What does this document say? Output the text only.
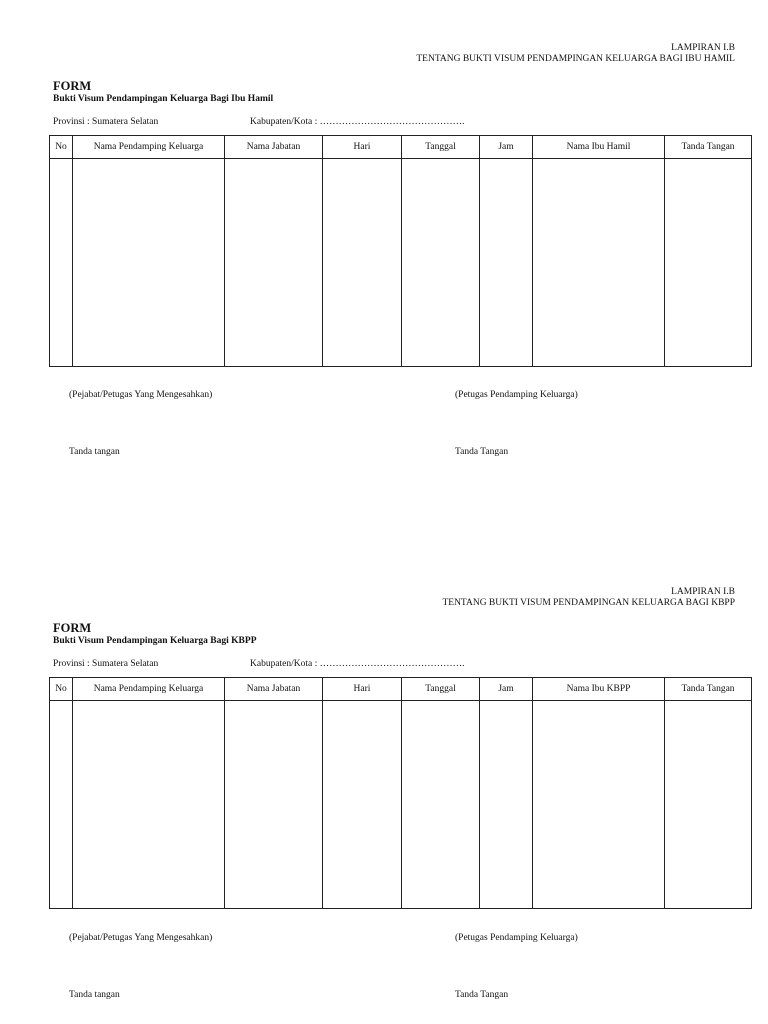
LAMPIRAN I.B
TENTANG BUKTI VISUM PENDAMPINGAN KELUARGA BAGI IBU HAMIL
FORM
Bukti Visum Pendampingan Keluarga Bagi Ibu Hamil
Provinsi : Sumatera Selatan	Kabupaten/Kota : ……………………………………….
No	Nama Pendamping Keluarga	Nama Jabatan	Hari	Tanggal	Jam	Nama Ibu Hamil	Tanda Tangan

(Pejabat/Petugas Yang Mengesahkan)	(Petugas Pendamping Keluarga)
Tanda tangan	Tanda Tangan
LAMPIRAN I.B
TENTANG BUKTI VISUM PENDAMPINGAN KELUARGA BAGI KBPP
FORM
Bukti Visum Pendampingan Keluarga Bagi KBPP
Provinsi : Sumatera Selatan	Kabupaten/Kota : ……………………………………….
No	Nama Pendamping Keluarga	Nama Jabatan	Hari	Tanggal	Jam	Nama Ibu KBPP	Tanda Tangan

(Pejabat/Petugas Yang Mengesahkan)	(Petugas Pendamping Keluarga)
Tanda tangan	Tanda Tangan
